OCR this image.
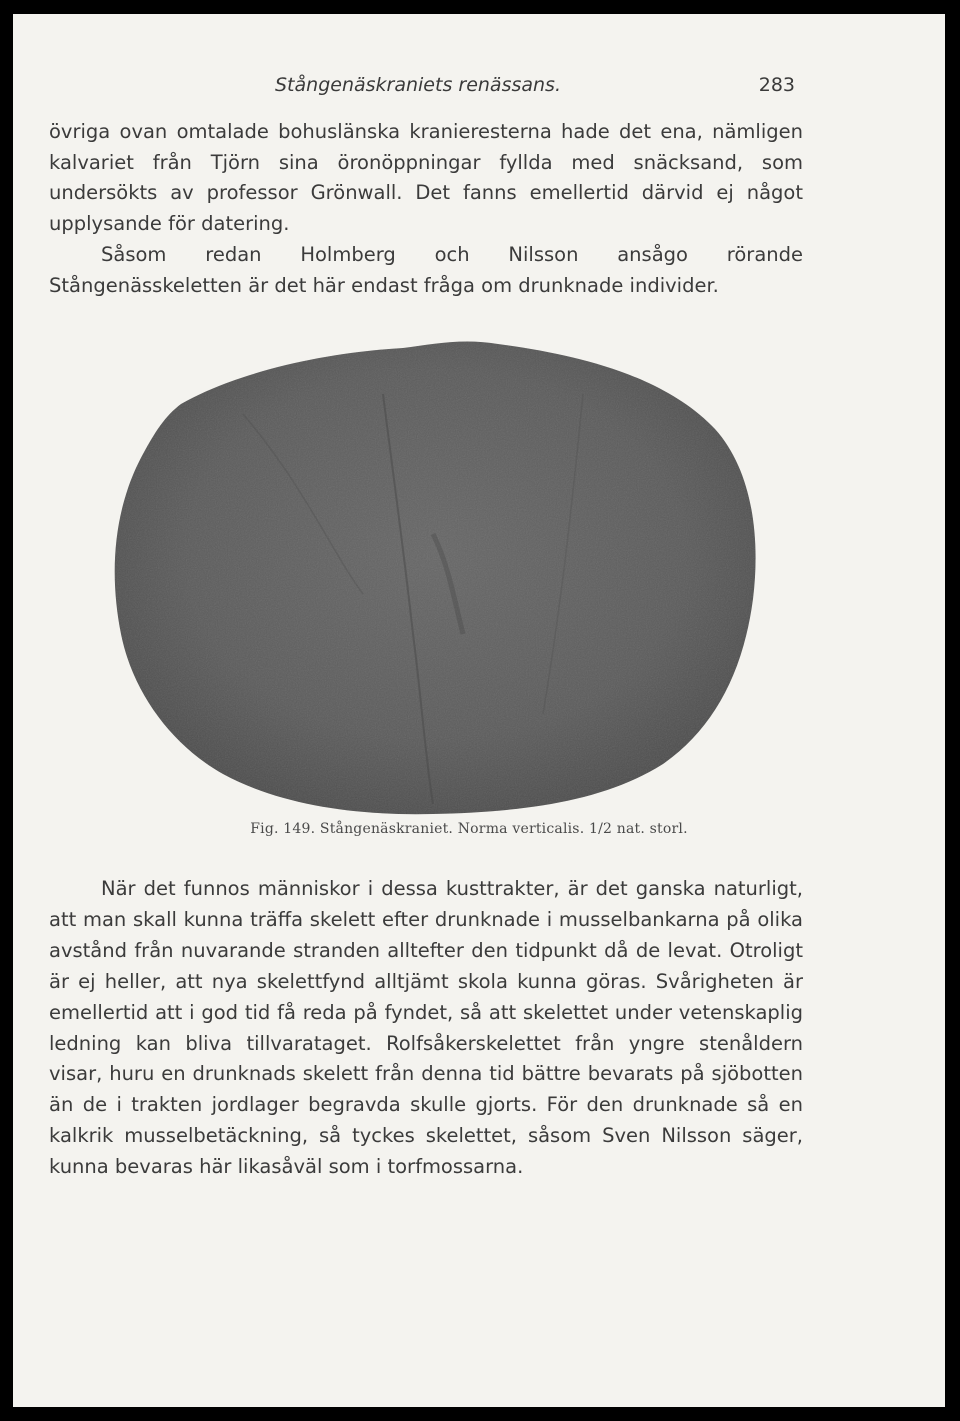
Stångenäskraniets renässans.	283

övriga ovan omtalade bohuslänska kranieresterna hade det ena, nämligen kalvariet från Tjörn sina öronöppningar fyllda med snäcksand, som undersökts av professor Grönwall. Det fanns emellertid därvid ej något upplysande för datering.

Såsom redan Holmberg och Nilsson ansågo rörande Stångenässkeletten är det här endast fråga om drunknade individer.

Fig. 149. Stångenäskraniet. Norma verticalis. 1/2 nat. storl.

När det funnos människor i dessa kusttrakter, är det ganska naturligt, att man skall kunna träffa skelett efter drunknade i musselbankarna på olika avstånd från nuvarande stranden alltefter den tidpunkt då de levat. Otroligt är ej heller, att nya skelettfynd alltjämt skola kunna göras. Svårigheten är emellertid att i god tid få reda på fyndet, så att skelettet under vetenskaplig ledning kan bliva tillvarataget. Rolfsåkerskelettet från yngre stenåldern visar, huru en drunknads skelett från denna tid bättre bevarats på sjöbotten än de i trakten jordlager begravda skulle gjorts. För den drunknade så en kalkrik musselbetäckning, så tyckes skelettet, såsom Sven Nilsson säger, kunna bevaras här likasåväl som i torfmossarna.
